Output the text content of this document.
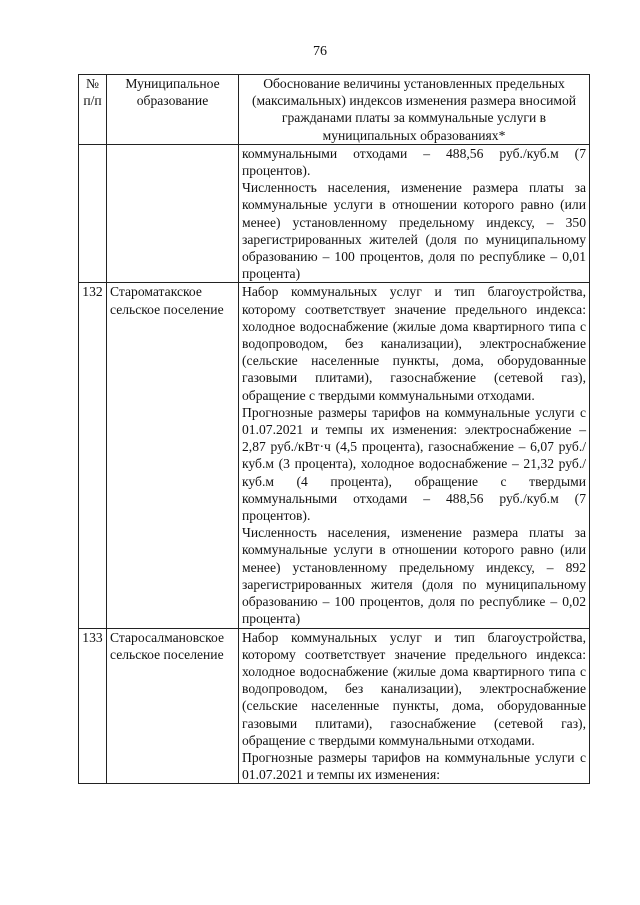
76
№ п/п	Муниципальное образование	Обоснование величины установленных предельных (максимальных) индексов изменения размера вносимой гражданами платы за коммунальные услуги в муниципальных образованиях*

		коммунальными отходами – 488,56 руб./куб.м (7 процентов).
Численность населения, изменение размера платы за коммунальные услуги в отношении которого равно (или менее) установленному предельному индексу, – 350 зарегистрированных жителей (доля по муниципальному образованию – 100 процентов, доля по республике – 0,01 процента)

132	Староматакское сельское поселение	Набор коммунальных услуг и тип благоустройства, которому соответствует значение предельного индекса: холодное водоснабжение (жилые дома квартирного типа с водопроводом, без канализации), электроснабжение (сельские населенные пункты, дома, оборудованные газовыми плитами), газоснабжение (сетевой газ), обращение с твердыми коммунальными отходами.
Прогнозные размеры тарифов на коммунальные услуги с 01.07.2021 и темпы их изменения: электроснабжение – 2,87 руб./кВт·ч (4,5 процента), газоснабжение – 6,07 руб./куб.м (3 процента), холодное водоснабжение – 21,32 руб./куб.м (4 процента), обращение с твердыми коммунальными отходами – 488,56 руб./куб.м (7 процентов).
Численность населения, изменение размера платы за коммунальные услуги в отношении которого равно (или менее) установленному предельному индексу, – 892 зарегистрированных жителя (доля по муниципальному образованию – 100 процентов, доля по республике – 0,02 процента)

133	Старосалмановское сельское поселение	Набор коммунальных услуг и тип благоустройства, которому соответствует значение предельного индекса: холодное водоснабжение (жилые дома квартирного типа с водопроводом, без канализации), электроснабжение (сельские населенные пункты, дома, оборудованные газовыми плитами), газоснабжение (сетевой газ), обращение с твердыми коммунальными отходами.
Прогнозные размеры тарифов на коммунальные услуги с 01.07.2021 и темпы их изменения:
